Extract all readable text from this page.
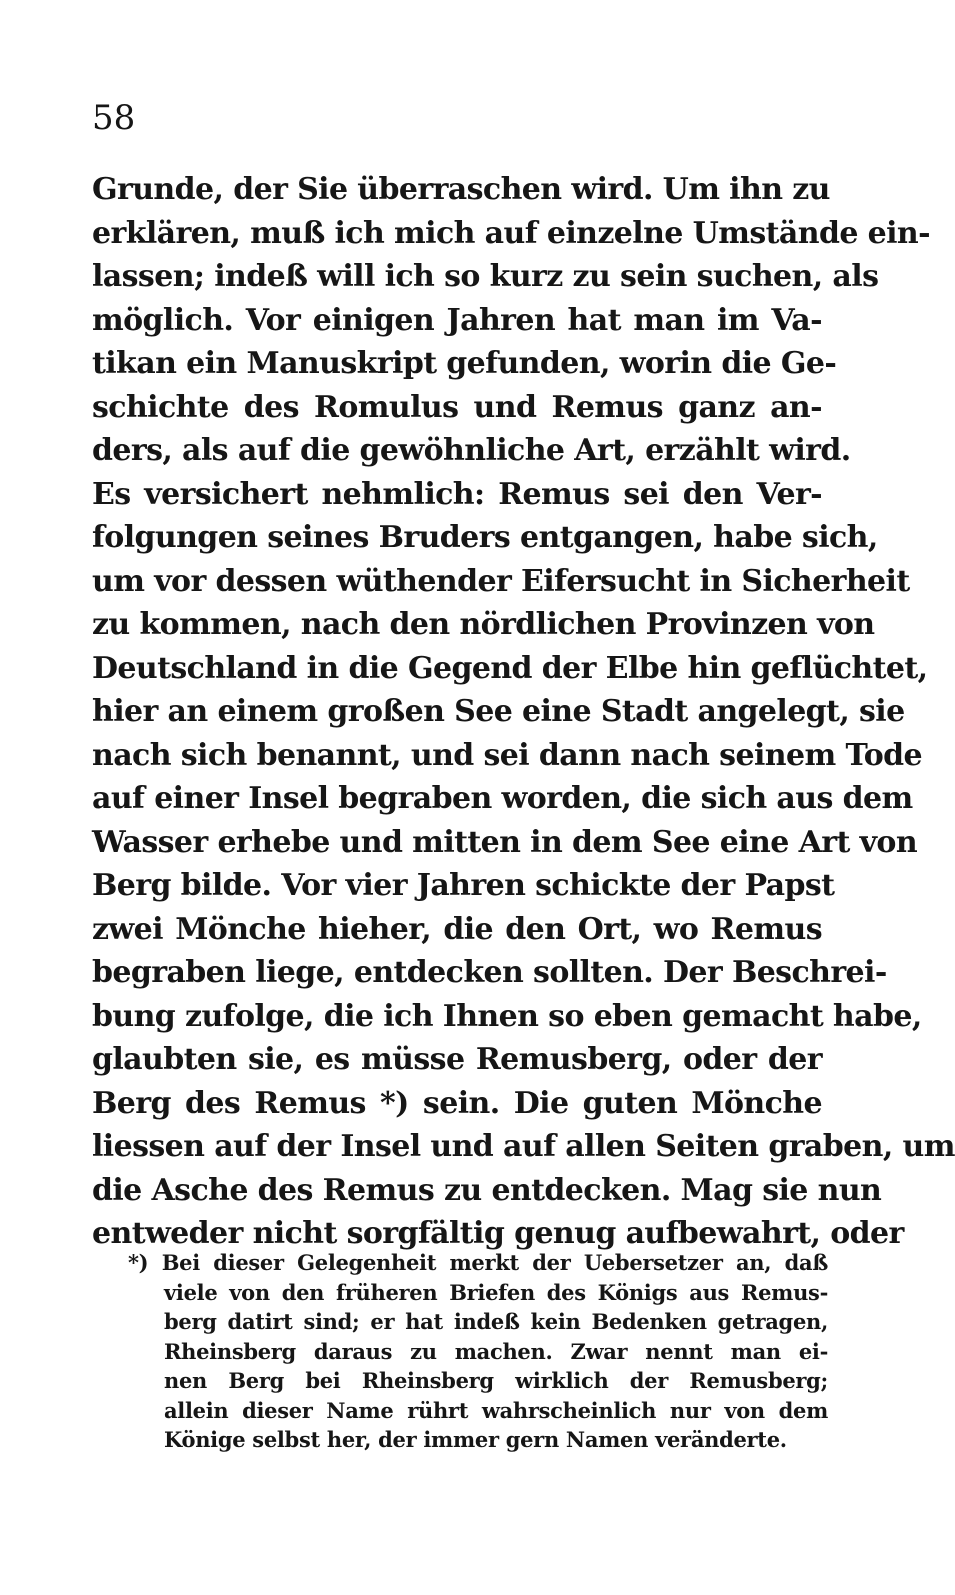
58
Grunde, der Sie überraschen wird. Um ihn zu
erklären, muß ich mich auf einzelne Umstände ein-
lassen; indeß will ich so kurz zu sein suchen, als
möglich. Vor einigen Jahren hat man im Va-
tikan ein Manuskript gefunden, worin die Ge-
schichte des Romulus und Remus ganz an-
ders, als auf die gewöhnliche Art, erzählt wird.
Es versichert nehmlich: Remus sei den Ver-
folgungen seines Bruders entgangen, habe sich,
um vor dessen wüthender Eifersucht in Sicherheit
zu kommen, nach den nördlichen Provinzen von
Deutschland in die Gegend der Elbe hin geflüchtet,
hier an einem großen See eine Stadt angelegt, sie
nach sich benannt, und sei dann nach seinem Tode
auf einer Insel begraben worden, die sich aus dem
Wasser erhebe und mitten in dem See eine Art von
Berg bilde. Vor vier Jahren schickte der Papst
zwei Mönche hieher, die den Ort, wo Remus
begraben liege, entdecken sollten. Der Beschrei-
bung zufolge, die ich Ihnen so eben gemacht habe,
glaubten sie, es müsse Remusberg, oder der
Berg des Remus *) sein. Die guten Mönche
liessen auf der Insel und auf allen Seiten graben, um
die Asche des Remus zu entdecken. Mag sie nun
entweder nicht sorgfältig genug aufbewahrt, oder
*) Bei dieser Gelegenheit merkt der Uebersetzer an, daß
viele von den früheren Briefen des Königs aus Remus-
berg datirt sind; er hat indeß kein Bedenken getragen,
Rheinsberg daraus zu machen. Zwar nennt man ei-
nen Berg bei Rheinsberg wirklich der Remusberg;
allein dieser Name rührt wahrscheinlich nur von dem
Könige selbst her, der immer gern Namen veränderte.
